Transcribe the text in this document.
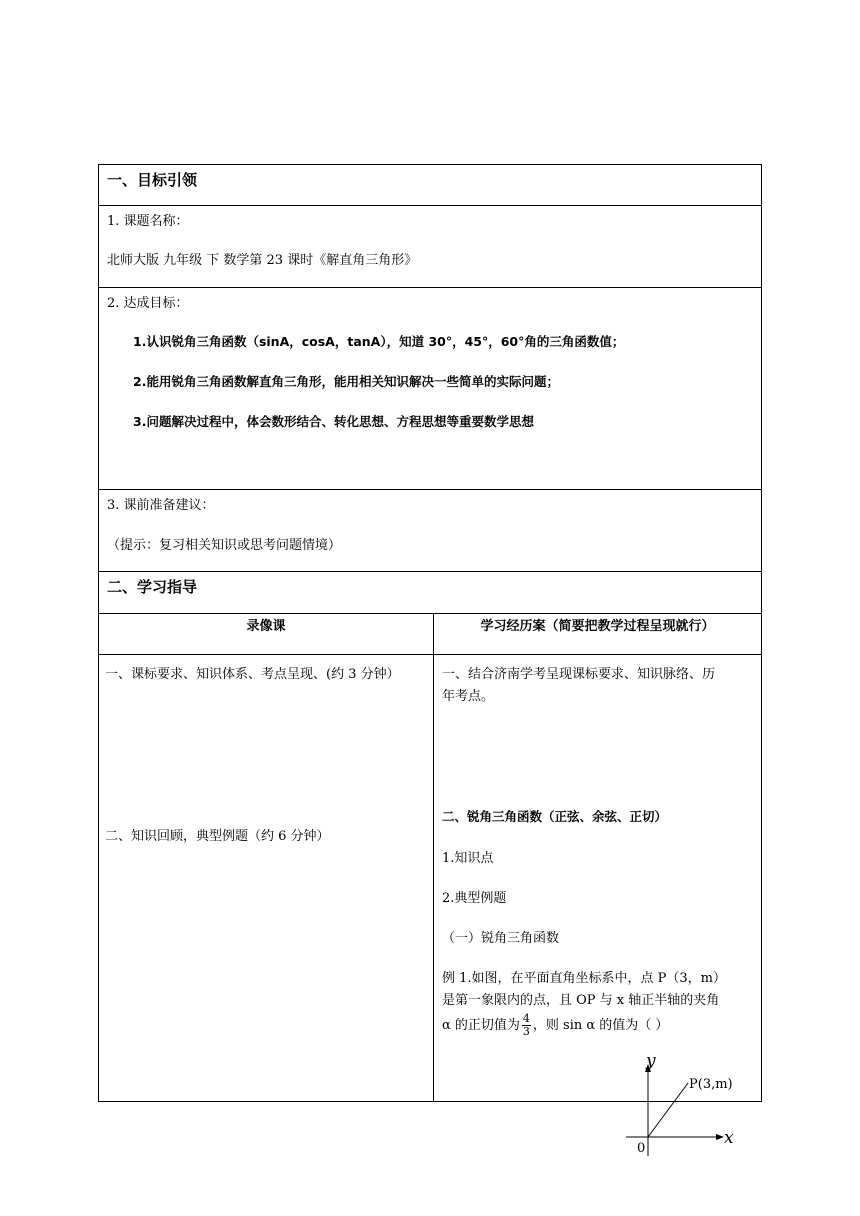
一、目标引领
1. 课题名称：
北师大版 九年级 下 数学第 23 课时《解直角三角形》
2. 达成目标：
1.认识锐角三角函数（sinA，cosA，tanA），知道 30°，45°，60°角的三角函数值；
2.能用锐角三角函数解直角三角形，能用相关知识解决一些简单的实际问题；
3.问题解决过程中，体会数形结合、转化思想、方程思想等重要数学思想
3. 课前准备建议：
（提示：复习相关知识或思考问题情境）
二、学习指导
录像课	学习经历案（简要把教学过程呈现就行）
一、课标要求、知识体系、考点呈现、(约 3 分钟）
二、知识回顾，典型例题（约 6 分钟）
一、结合济南学考呈现课标要求、知识脉络、历
年考点。
二、锐角三角函数（正弦、余弦、正切）
1.知识点
2.典型例题
（一）锐角三角函数
例 1.如图，在平面直角坐标系中，点 P（3，m）
是第一象限内的点，且 OP 与 x 轴正半轴的夹角
α 的正切值为 $\frac{4}{3}$ ，则 sin α 的值为（ ）
y
x
0
P(3,m)
